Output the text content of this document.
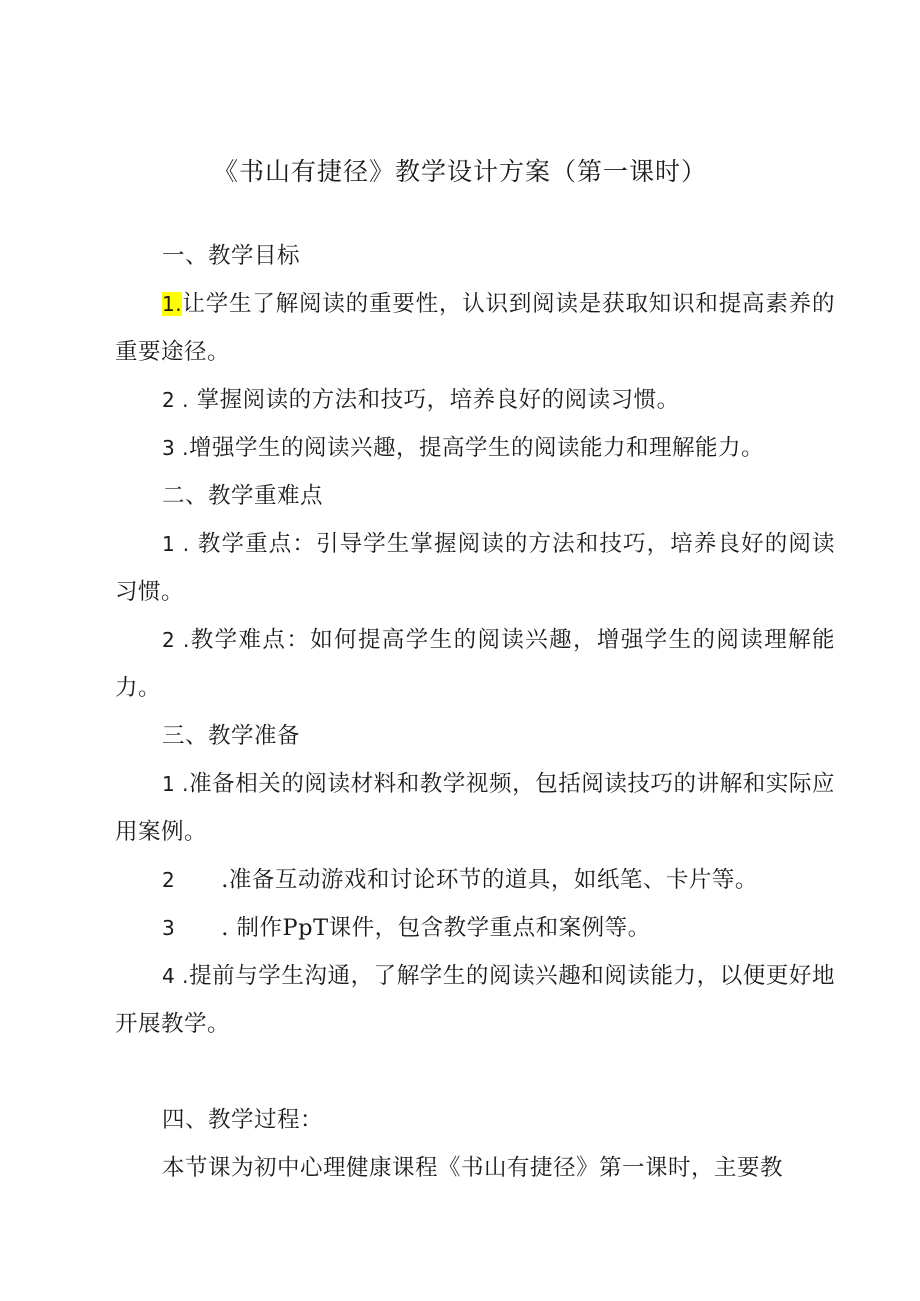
《书山有捷径》教学设计方案（第一课时）

一、教学目标

1.让学生了解阅读的重要性，认识到阅读是获取知识和提高素养的重要途径。

2 . 掌握阅读的方法和技巧，培养良好的阅读习惯。

3 .增强学生的阅读兴趣，提高学生的阅读能力和理解能力。

二、教学重难点

1 . 教学重点：引导学生掌握阅读的方法和技巧，培养良好的阅读习惯。

2 .教学难点：如何提高学生的阅读兴趣，增强学生的阅读理解能力。

三、教学准备

1 .准备相关的阅读材料和教学视频，包括阅读技巧的讲解和实际应用案例。

2 .准备互动游戏和讨论环节的道具，如纸笔、卡片等。

3 . 制作PpT课件，包含教学重点和案例等。

4 .提前与学生沟通，了解学生的阅读兴趣和阅读能力，以便更好地开展教学。

四、教学过程：

本节课为初中心理健康课程《书山有捷径》第一课时，主要教
